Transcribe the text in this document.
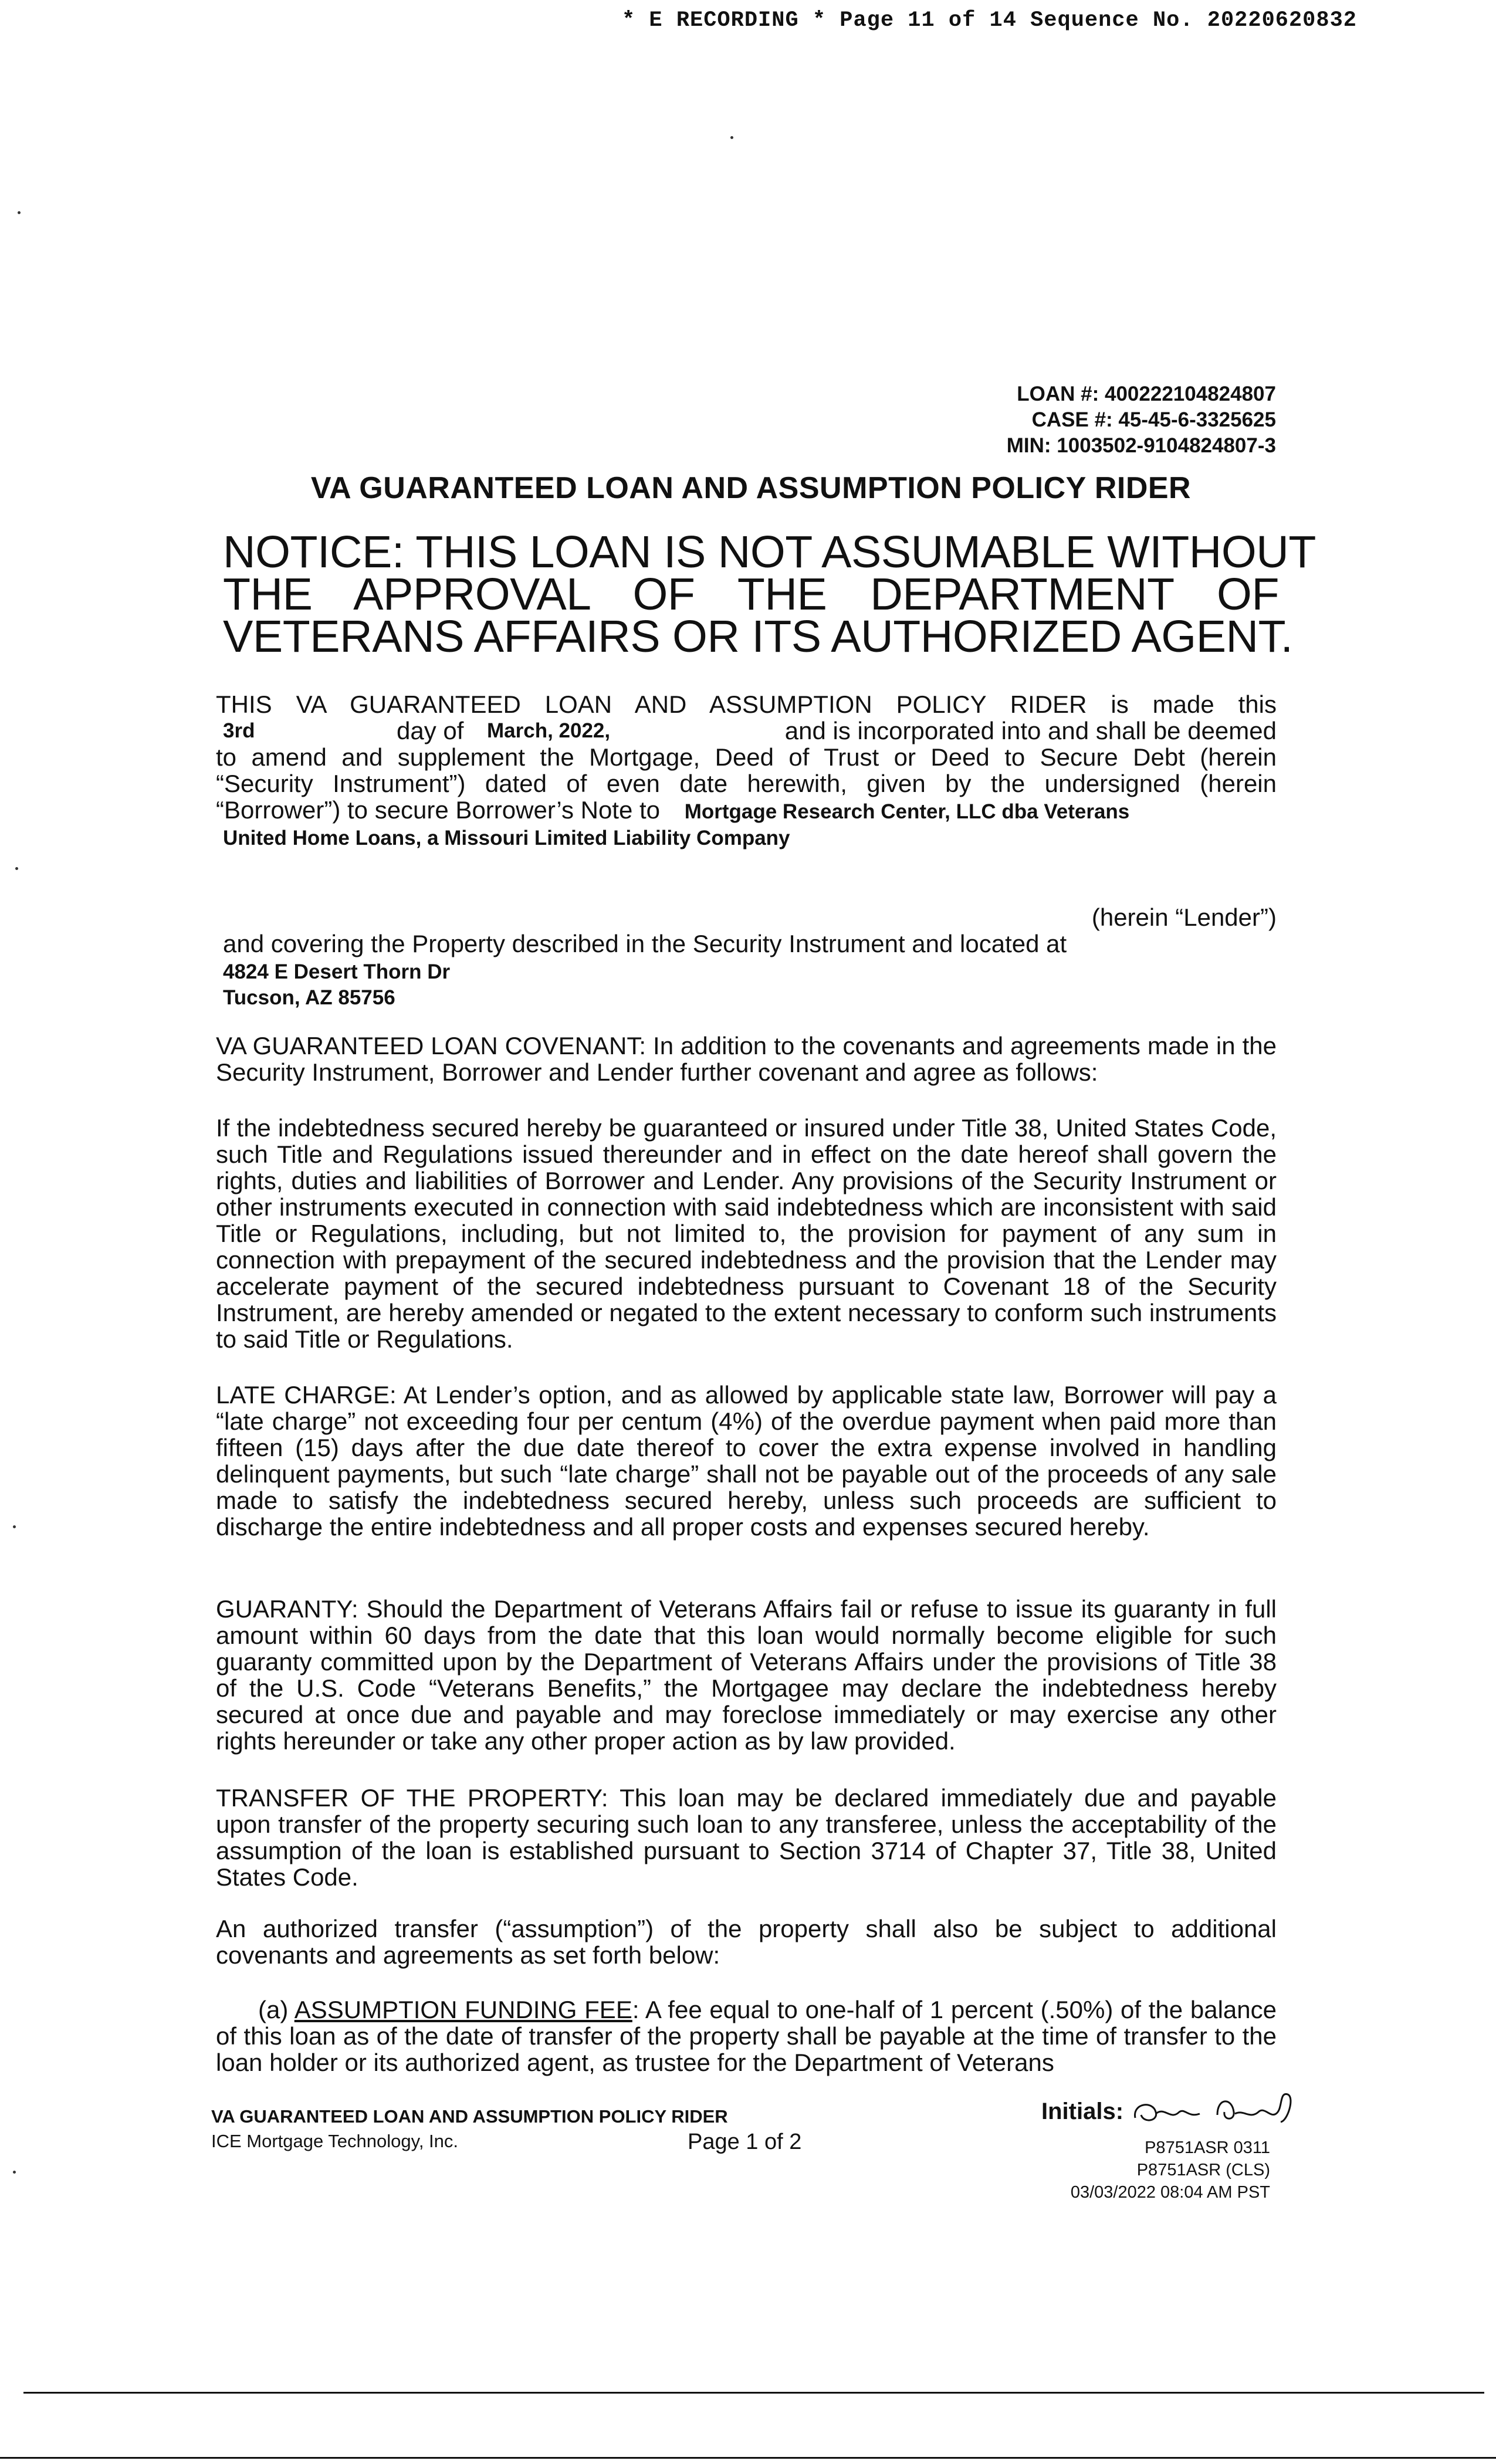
* E RECORDING * Page 11 of 14 Sequence No. 20220620832
LOAN #: 400222104824807
CASE #: 45-45-6-3325625
MIN: 1003502-9104824807-3
VA GUARANTEED LOAN AND ASSUMPTION POLICY RIDER
NOTICE: THIS LOAN IS NOT ASSUMABLE WITHOUT
THE APPROVAL OF THE DEPARTMENT OF
VETERANS AFFAIRS OR ITS AUTHORIZED AGENT.
THIS VA GUARANTEED LOAN AND ASSUMPTION POLICY RIDER is made this
3rd	day of March, 2022,	and is incorporated into and shall be deemed
to amend and supplement the Mortgage, Deed of Trust or Deed to Secure Debt (herein
“Security Instrument”) dated of even date herewith, given by the undersigned (herein
“Borrower”) to secure Borrower’s Note to Mortgage Research Center, LLC dba Veterans
United Home Loans, a Missouri Limited Liability Company
(herein “Lender”)
and covering the Property described in the Security Instrument and located at
4824 E Desert Thorn Dr
Tucson, AZ 85756
VA GUARANTEED LOAN COVENANT: In addition to the covenants and agreements made in the Security Instrument, Borrower and Lender further covenant and agree as follows:
If the indebtedness secured hereby be guaranteed or insured under Title 38, United States Code, such Title and Regulations issued thereunder and in effect on the date hereof shall govern the rights, duties and liabilities of Borrower and Lender. Any provisions of the Security Instrument or other instruments executed in connection with said indebtedness which are inconsistent with said Title or Regulations, including, but not limited to, the provision for payment of any sum in connection with prepayment of the secured indebtedness and the provision that the Lender may accelerate payment of the secured indebtedness pursuant to Covenant 18 of the Security Instrument, are hereby amended or negated to the extent necessary to conform such instruments to said Title or Regulations.
LATE CHARGE: At Lender’s option, and as allowed by applicable state law, Borrower will pay a “late charge” not exceeding four per centum (4%) of the overdue payment when paid more than fifteen (15) days after the due date thereof to cover the extra expense involved in handling delinquent payments, but such “late charge” shall not be payable out of the proceeds of any sale made to satisfy the indebtedness secured hereby, unless such proceeds are sufficient to discharge the entire indebtedness and all proper costs and expenses secured hereby.
GUARANTY: Should the Department of Veterans Affairs fail or refuse to issue its guaranty in full amount within 60 days from the date that this loan would normally become eligible for such guaranty committed upon by the Department of Veterans Affairs under the provisions of Title 38 of the U.S. Code “Veterans Benefits,” the Mortgagee may declare the indebtedness hereby secured at once due and payable and may foreclose immediately or may exercise any other rights hereunder or take any other proper action as by law provided.
TRANSFER OF THE PROPERTY: This loan may be declared immediately due and payable upon transfer of the property securing such loan to any transferee, unless the acceptability of the assumption of the loan is established pursuant to Section 3714 of Chapter 37, Title 38, United States Code.
An authorized transfer (“assumption”) of the property shall also be subject to additional covenants and agreements as set forth below:
(a) ASSUMPTION FUNDING FEE: A fee equal to one-half of 1 percent (.50%) of the balance of this loan as of the date of transfer of the property shall be payable at the time of transfer to the loan holder or its authorized agent, as trustee for the Department of Veterans
VA GUARANTEED LOAN AND ASSUMPTION POLICY RIDER
ICE Mortgage Technology, Inc.	Page 1 of 2
Initials:
P8751ASR 0311
P8751ASR (CLS)
03/03/2022 08:04 AM PST
